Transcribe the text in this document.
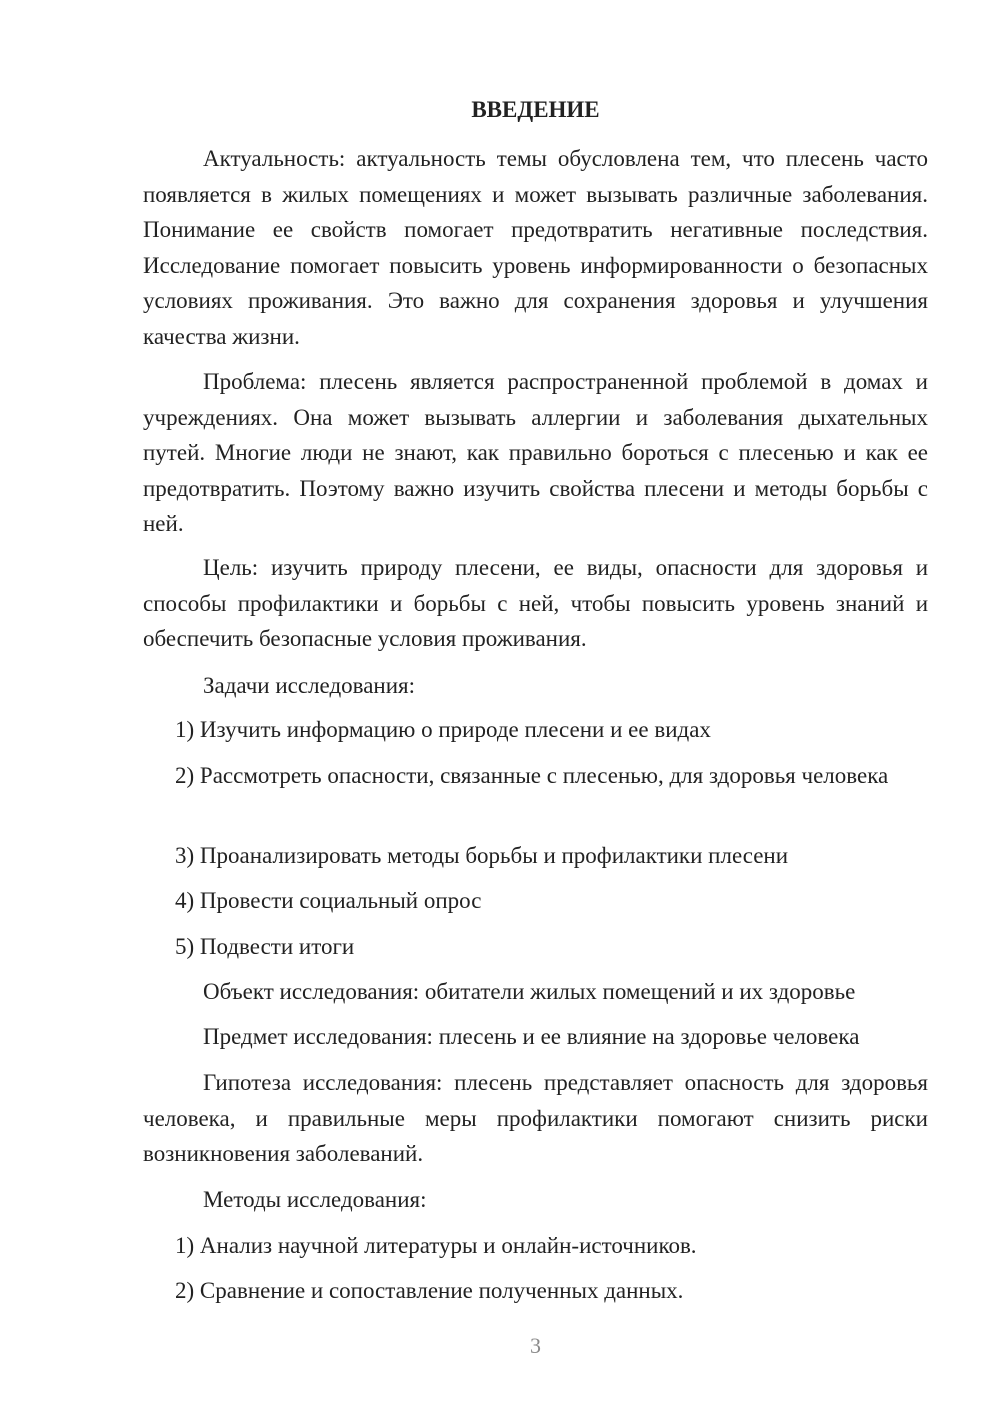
ВВЕДЕНИЕ

Актуальность: актуальность темы обусловлена тем, что плесень часто появляется в жилых помещениях и может вызывать различные заболевания. Понимание ее свойств помогает предотвратить негативные последствия. Исследование помогает повысить уровень информированности о безопасных условиях проживания. Это важно для сохранения здоровья и улучшения качества жизни.

Проблема: плесень является распространенной проблемой в домах и учреждениях. Она может вызывать аллергии и заболевания дыхательных путей. Многие люди не знают, как правильно бороться с плесенью и как ее предотвратить. Поэтому важно изучить свойства плесени и методы борьбы с ней.

Цель: изучить природу плесени, ее виды, опасности для здоровья и способы профилактики и борьбы с ней, чтобы повысить уровень знаний и обеспечить безопасные условия проживания.

Задачи исследования:

1) Изучить информацию о природе плесени и ее видах

2) Рассмотреть опасности, связанные с плесенью, для здоровья человека

3) Проанализировать методы борьбы и профилактики плесени

4) Провести социальный опрос

5) Подвести итоги

Объект исследования: обитатели жилых помещений и их здоровье

Предмет исследования: плесень и ее влияние на здоровье человека

Гипотеза исследования: плесень представляет опасность для здоровья человека, и правильные меры профилактики помогают снизить риски возникновения заболеваний.

Методы исследования:

1) Анализ научной литературы и онлайн-источников.

2) Сравнение и сопоставление полученных данных.

3
